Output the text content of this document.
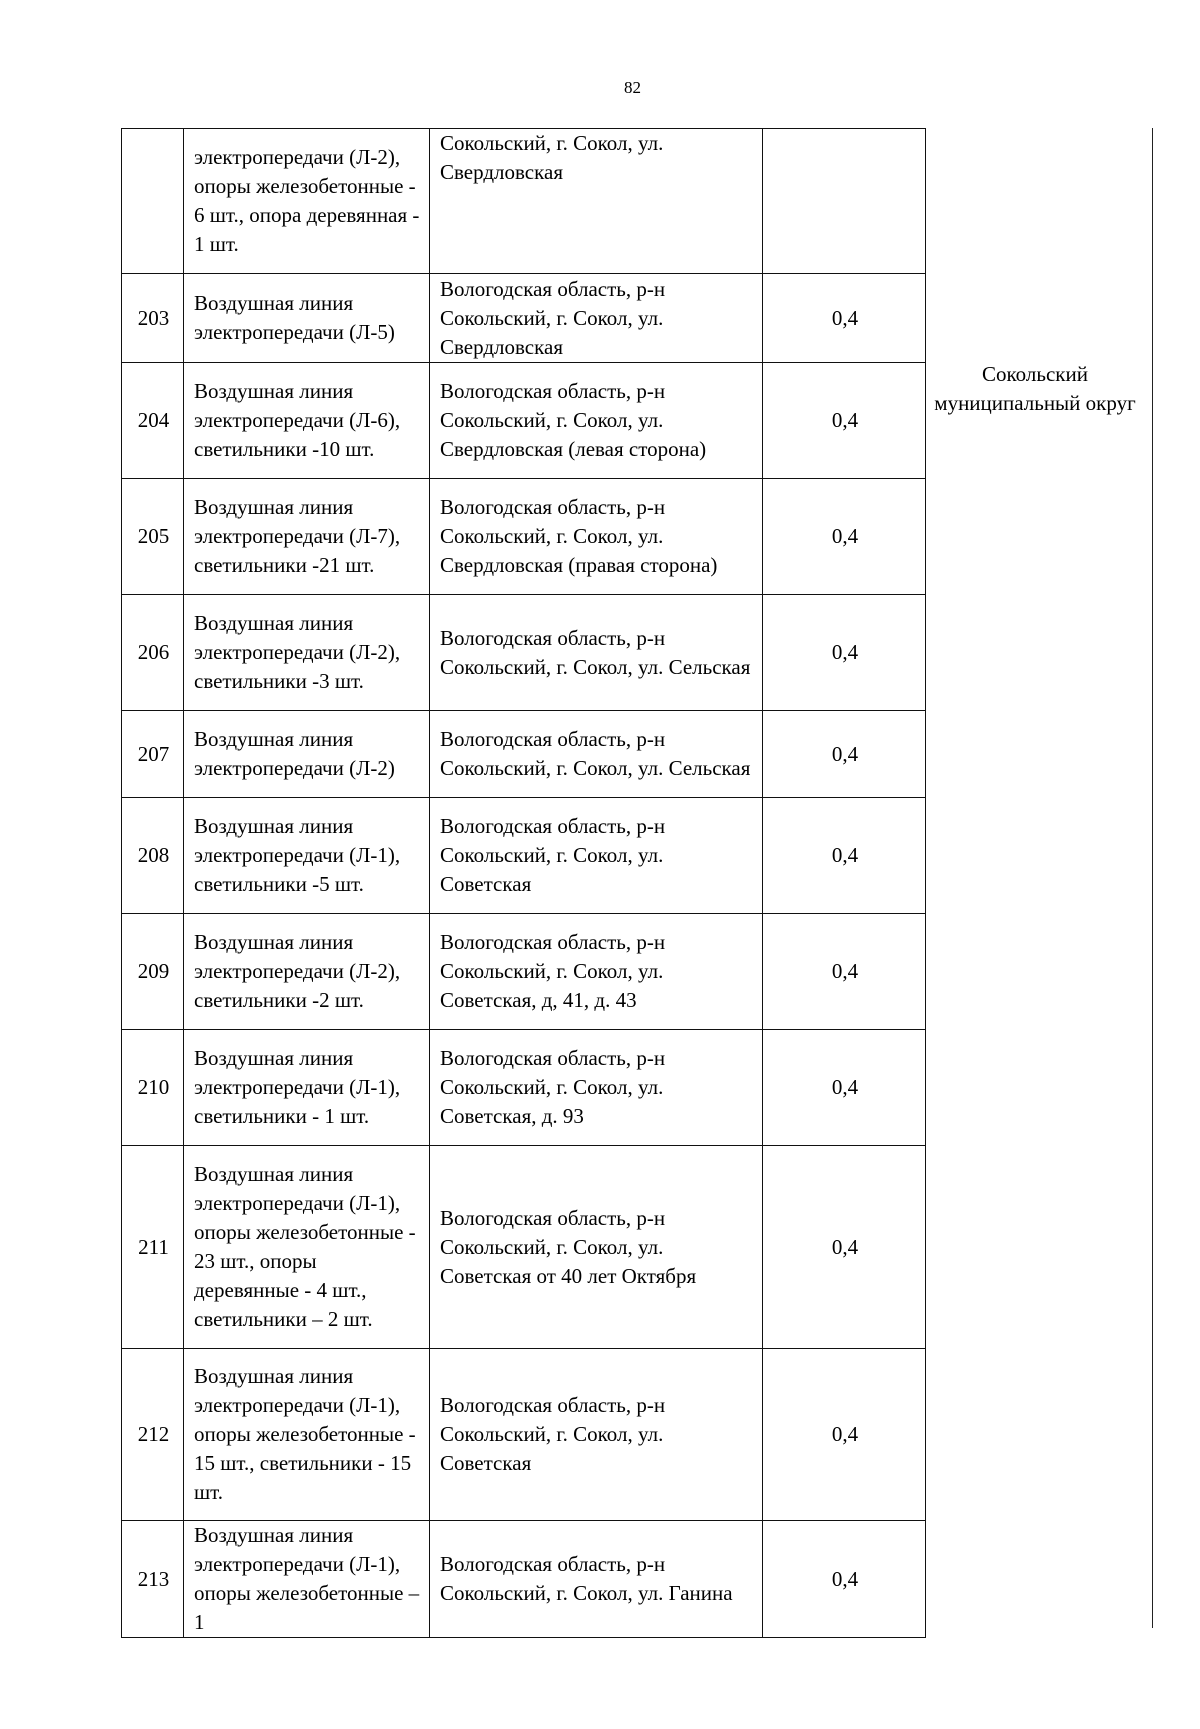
82
	электропередачи (Л-2), опоры железобетонные - 6 шт., опора деревянная - 1 шт.	Сокольский, г. Сокол, ул. Свердловская	
203	Воздушная линия электропередачи (Л-5)	Вологодская область, р-н Сокольский, г. Сокол, ул. Свердловская	0,4
204	Воздушная линия электропередачи (Л-6), светильники -10 шт.	Вологодская область, р-н Сокольский, г. Сокол, ул. Свердловская (левая сторона)	0,4
205	Воздушная линия электропередачи (Л-7), светильники -21 шт.	Вологодская область, р-н Сокольский, г. Сокол, ул. Свердловская (правая сторона)	0,4
206	Воздушная линия электропередачи (Л-2), светильники -3 шт.	Вологодская область, р-н Сокольский, г. Сокол, ул. Сельская	0,4
207	Воздушная линия электропередачи (Л-2)	Вологодская область, р-н Сокольский, г. Сокол, ул. Сельская	0,4
208	Воздушная линия электропередачи (Л-1), светильники -5 шт.	Вологодская область, р-н Сокольский, г. Сокол, ул. Советская	0,4
209	Воздушная линия электропередачи (Л-2), светильники -2 шт.	Вологодская область, р-н Сокольский, г. Сокол, ул. Советская, д, 41, д. 43	0,4
210	Воздушная линия электропередачи (Л-1), светильники - 1 шт.	Вологодская область, р-н Сокольский, г. Сокол, ул. Советская, д. 93	0,4
211	Воздушная линия электропередачи (Л-1), опоры железобетонные - 23 шт., опоры деревянные - 4 шт., светильники – 2 шт.	Вологодская область, р-н Сокольский, г. Сокол, ул. Советская от 40 лет Октября	0,4
212	Воздушная линия электропередачи (Л-1), опоры железобетонные - 15 шт., светильники - 15 шт.	Вологодская область, р-н Сокольский, г. Сокол, ул. Советская	0,4
213	Воздушная линия электропередачи (Л-1), опоры железобетонные – 1	Вологодская область, р-н Сокольский, г. Сокол, ул. Ганина	0,4
Сокольский муниципальный округ
